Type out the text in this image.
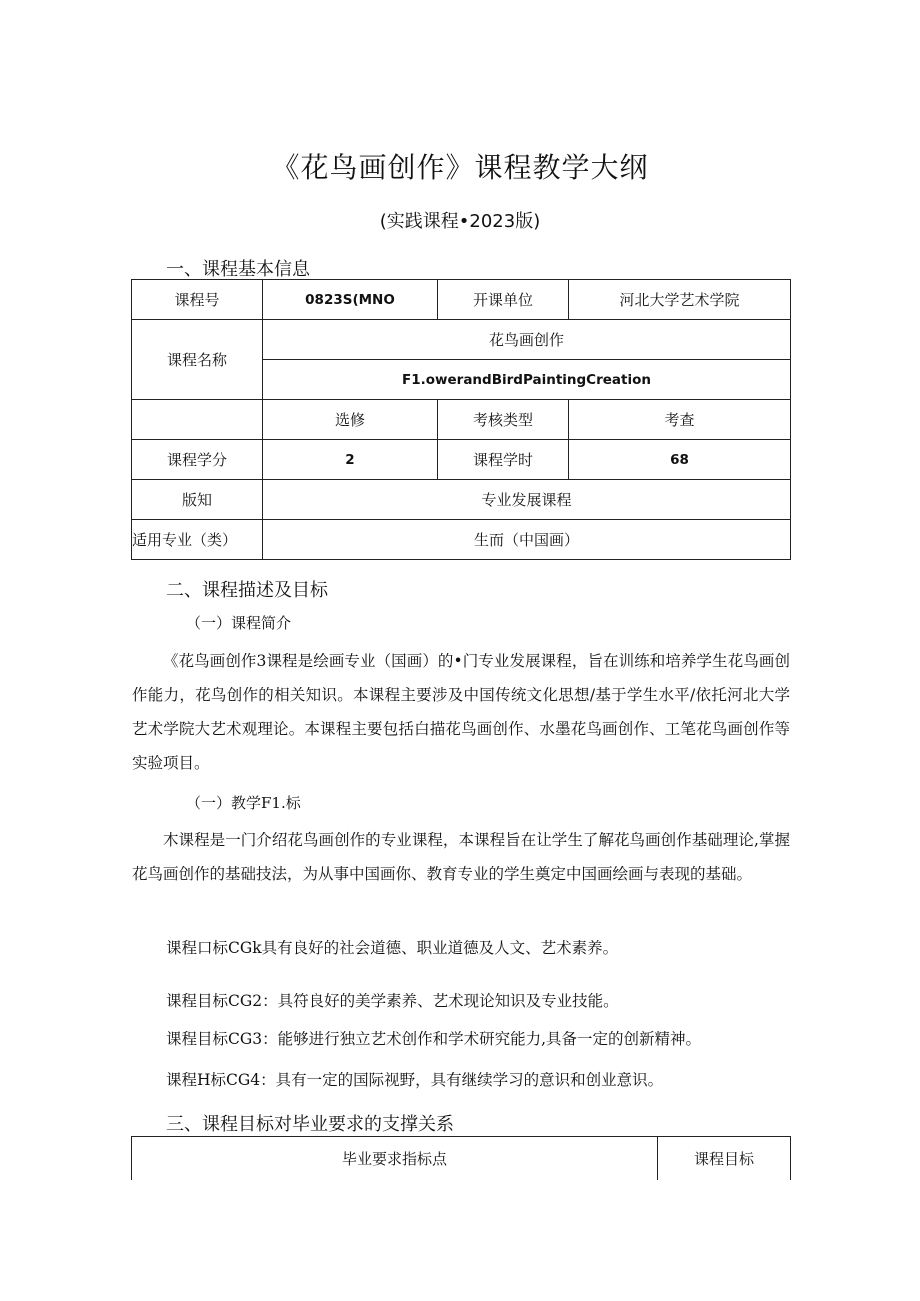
《花鸟画创作》课程教学大纲
(实践课程•2023版)
一、课程基本信息
课程号	0823S(MNO	开课单位	河北大学艺术学院
课程名称	花鸟画创作		
	F1.owerandBirdPaintingCreation		
	选修	考核类型	考查
课程学分	2	课程学时	68
版知	专业发展课程		
适用专业（类）	生而（中国画）		
二、课程描述及目标
（一）课程简介

《花鸟画创作3课程是绘画专业（国画）的•门专业发展课程，旨在训练和培养学生花鸟画创作能力，花鸟创作的相关知识。本课程主要涉及中国传统文化思想/基于学生水平/依托河北大学艺术学院大艺术观理论。本课程主要包括白描花鸟画创作、水墨花鸟画创作、工笔花鸟画创作等实验项目。

（一）教学F1.标

木课程是一门介绍花鸟画创作的专业课程，本课程旨在让学生了解花鸟画创作基础理论,掌握花鸟画创作的基础技法，为从事中国画你、教育专业的学生奠定中国画绘画与表现的基础。

课程口标CGk具有良好的社会道德、职业道德及人文、艺术素养。
课程目标CG2：具符良好的美学素养、艺术现论知识及专业技能。
课程目标CG3：能够进行独立艺术创作和学术研究能力,具备一定的创新精神。
课程H标CG4：具有一定的国际视野，具有继续学习的意识和创业意识。
三、课程目标对毕业要求的支撑关系
毕业要求指标点	课程目标
